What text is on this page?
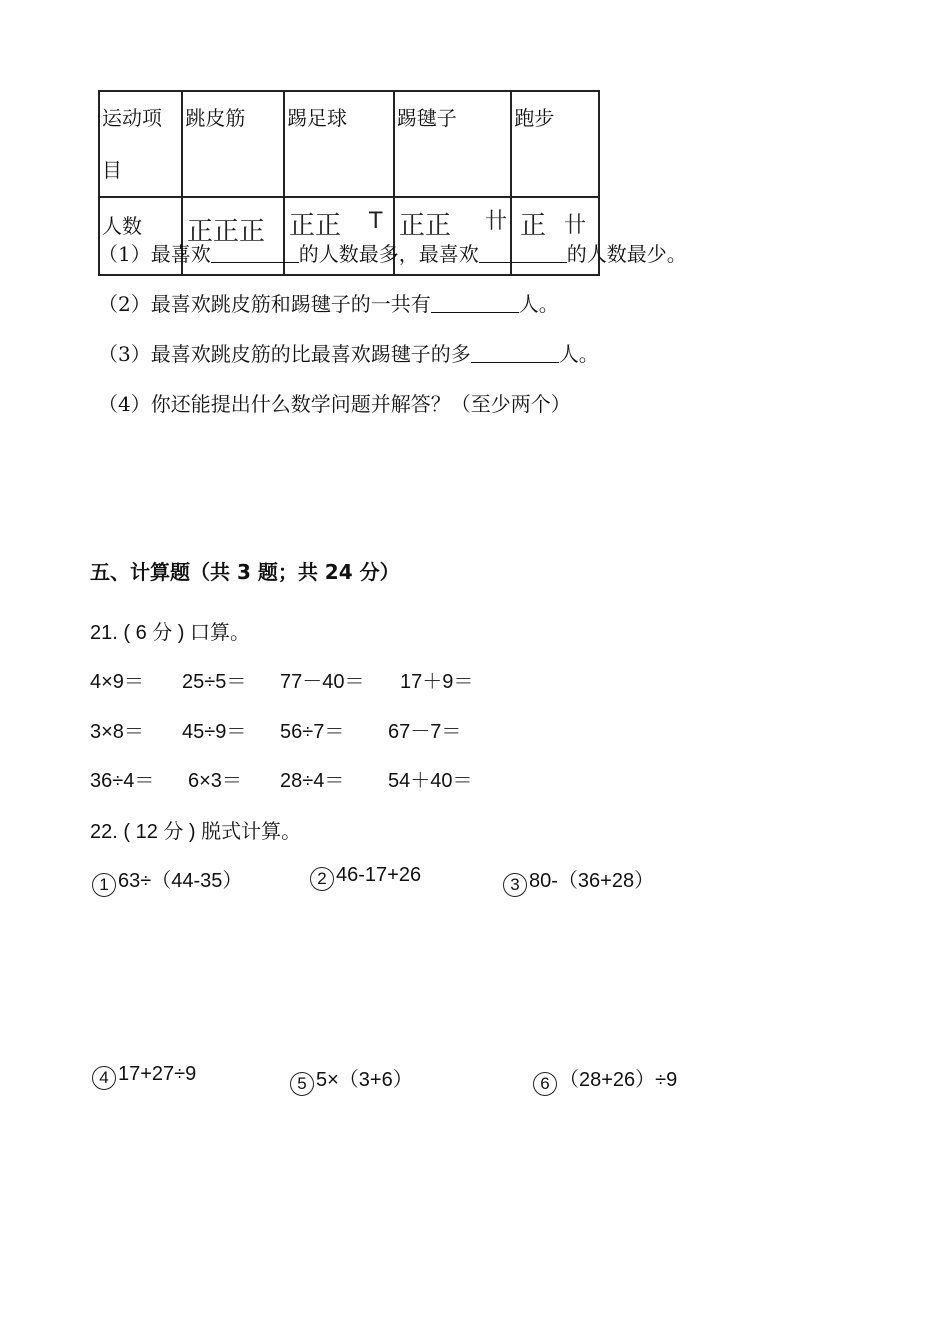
运动项目	跳皮筋	踢足球	踢毽子	跑步
人数	正正正	正正 T	正正 卄	正 卄
（1）最喜欢	的人数最多，最喜欢	的人数最少。
（2）最喜欢跳皮筋和踢毽子的一共有	人。
（3）最喜欢跳皮筋的比最喜欢踢毽子的多	人。
（4）你还能提出什么数学问题并解答？（至少两个）
五、计算题（共 3 题；共 24 分）
21. ( 6 分 ) 口算。
4×9＝ 25÷5＝ 77－40＝ 17＋9＝
3×8＝ 45÷9＝ 56÷7＝ 67－7＝
36÷4＝ 6×3＝ 28÷4＝ 54＋40＝
22. ( 12 分 ) 脱式计算。
1 63÷（44-35）	2 46-17+26	3 80-（36+28）
4 17+27÷9	5 5×（3+6）	6 （28+26）÷9
